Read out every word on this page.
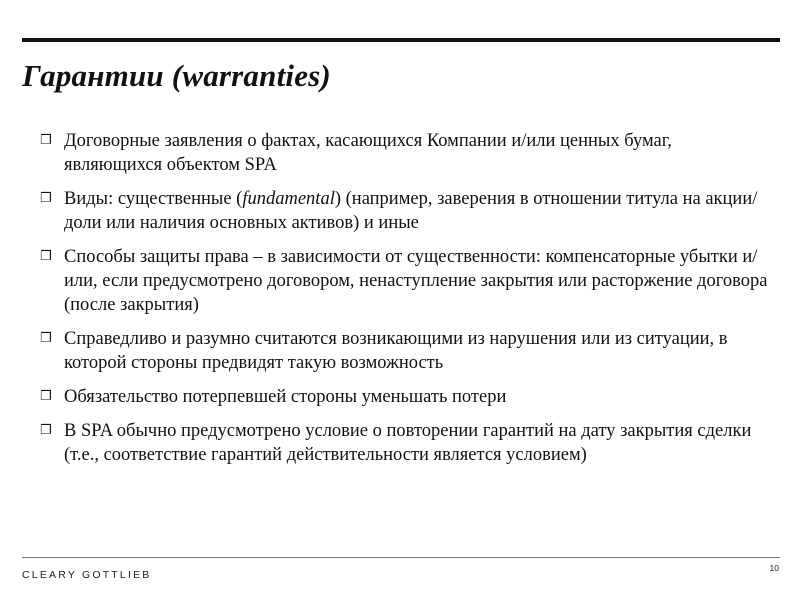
Гарантии (warranties)
❒ Договорные заявления о фактах, касающихся Компании и/или ценных бумаг, являющихся объектом SPA
❒ Виды: существенные (fundamental) (например, заверения в отношении титула на акции/доли или наличия основных активов) и иные
❒ Способы защиты права – в зависимости от существенности: компенсаторные убытки и/или, если предусмотрено договором, ненаступление закрытия или расторжение договора (после закрытия)
❒ Справедливо и разумно считаются возникающими из нарушения или из ситуации, в которой стороны предвидят такую возможность
❒ Обязательство потерпевшей стороны уменьшать потери
❒ В SPA обычно предусмотрено условие о повторении гарантий на дату закрытия сделки (т.е., соответствие гарантий действительности является условием)
CLEARY GOTTLIEB
10
